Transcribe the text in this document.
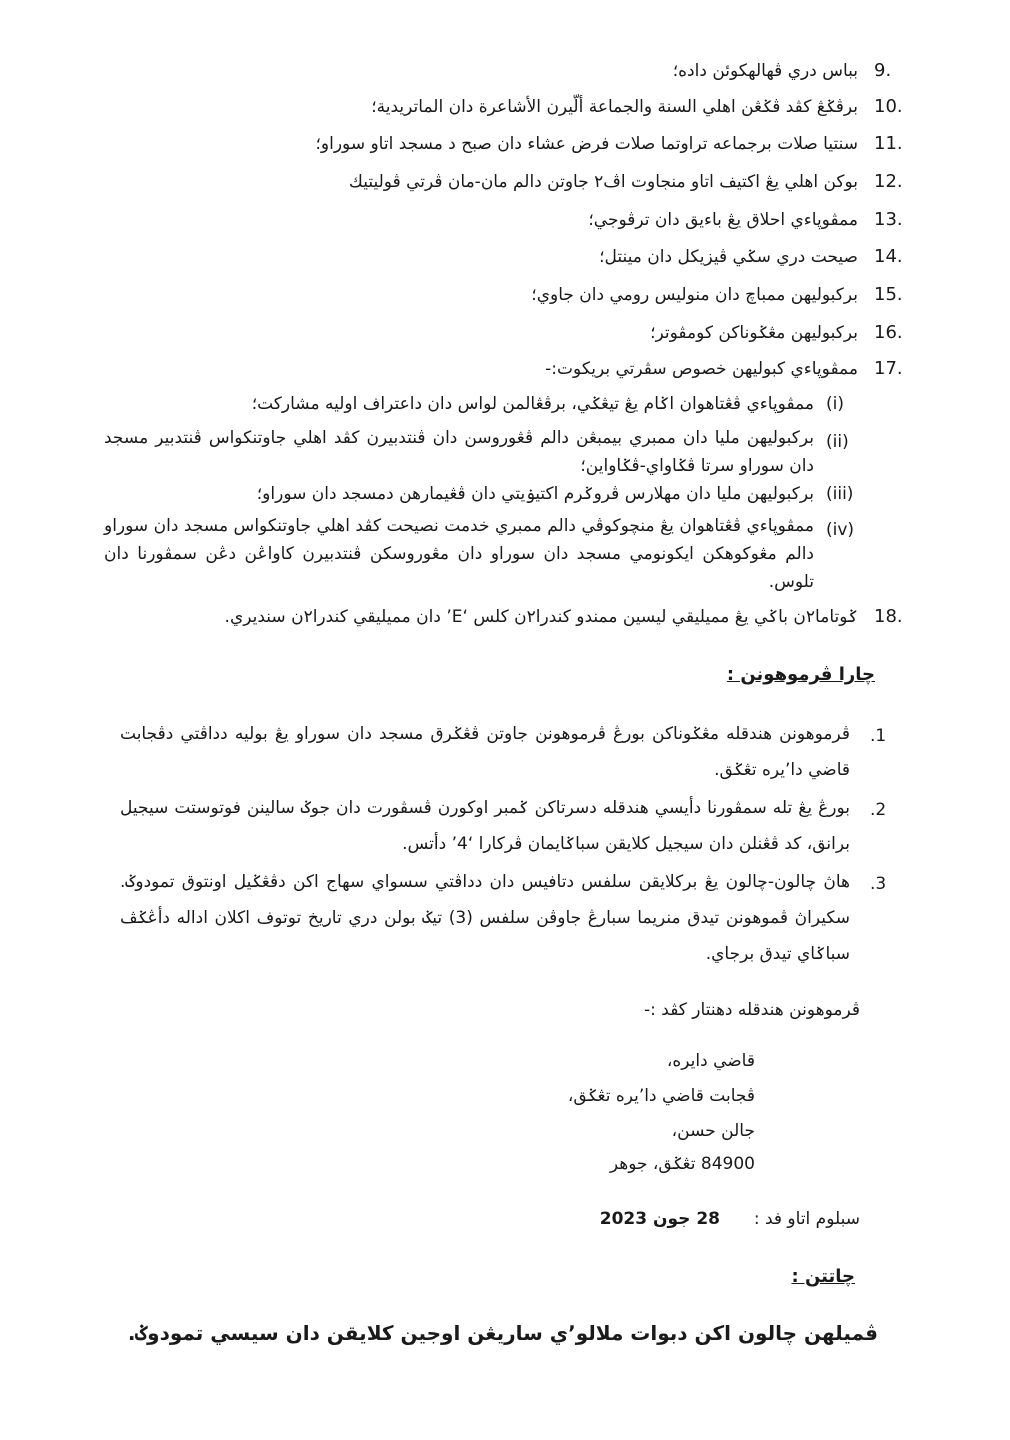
9.
بباس دري ڤهالهكوئن داده؛
10.
برڤݢڠ كڤد ڤݢڠن اهلي السنة والجماعة ألّيرن الأشاعرة دان الماتريدية؛
11.
سنتيا صلات برجماعه تراوتما صلات فرض عشاء دان صبح د مسجد اتاو سوراو؛
12.
بوكن اهلي يڠ اكتيف اتاو منجاوت اڤ٢ جاوتن دالم مان-مان ڤرتي ڤوليتيك
13.
ممڤوڽاءي احلاق يڠ باءيق دان ترڤوجي؛
14.
صيحت دري سݢي ڤيزيكل دان مينتل؛
15.
بركبوليهن ممباچ دان منوليس رومي دان جاوي؛
16.
بركبوليهن مڠݢوناكن كومڤوتر؛
17.
ممڤوڽاءي كبوليهن خصوص سڤرتي بريكوت:-
(i)
ممڤوڽاءي ڤڠتاهوان اݢام يڠ تيڠݢي، برڤڠالمن لواس دان داعتراف اوليه مشاركت؛
(ii)
بركبوليهن مليا دان ممبري بيمبڠن دالم ڤڠوروسن دان ڤنتدبيرن كڤد اهلي جاوتنكواس ڤنتدبير مسجد دان سوراو سرتا ڤݢاواي-ڤݢاواين؛
(iii)
بركبوليهن مليا دان مهلارس ڤروݢرم اكتيۏيتي دان ڤڠيمارهن دمسجد دان سوراو؛
(iv)
ممڤوڽاءي ڤڠتاهوان يڠ منچوكوڤي دالم ممبري خدمت نصيحت كڤد اهلي جاوتنكواس مسجد دان سوراو دالم مڠوكوهكن ايكونومي مسجد دان سوراو دان مڠوروسكن ڤنتدبيرن كاواڠن دڠن سمڤورنا دان تلوس.
18.
ݢوتاما٢ن باݢي يڠ مميليقي ليسين ممندو كندرا٢ن كلس ‘E’ دان مميليقي كندرا٢ن سنديري.
چارا ڤرموهونن :
.1
ڤرموهونن هندقله مڠݢوناكن بورڠ ڤرموهونن جاوتن ڤڠݢرق مسجد دان سوراو يڠ بوليه دداڤتي دڤجابت قاضي دا٬يره تڠݢق.
.2
بورڠ يڠ تله سمڤورنا دأيسي هندقله دسرتاكن ݢمبر اوكورن ڤسڤورت دان جوݢ سالينن فوتوستت سيجيل برانق، كد ڤڠنلن دان سيجيل كلايقن سباݢايمان ڤركارا ‘4’ دأتس.
.3
هاڽ چالون-چالون يڠ بركلايقن سلفس دتافيس دان دداڤتي سسواي سهاج اكن دڤڠݢيل اونتوق تمودوݢ. سكيراڽ ڤموهونن تيدق منريما سبارڠ جاوڤن سلفس (3) تيݢ بولن دري تاريخ توتوف اكلان اداله دأڠݢڤ سباݢاي تيدق برجاي.
ڤرموهونن هندقله دهنتار كڤد :-
قاضي دايره،
ڤجابت قاضي دا٬يره تڠݢق،
جالن حسن،
84900 تڠݢق، جوهر
سبلوم اتاو فد :
28 جون 2023
چاتتن :
ڤميلهن چالون اكن دبوات ملالو٬ي ساريڠن اوجين كلايقن دان سيسي تمودوݢ.
